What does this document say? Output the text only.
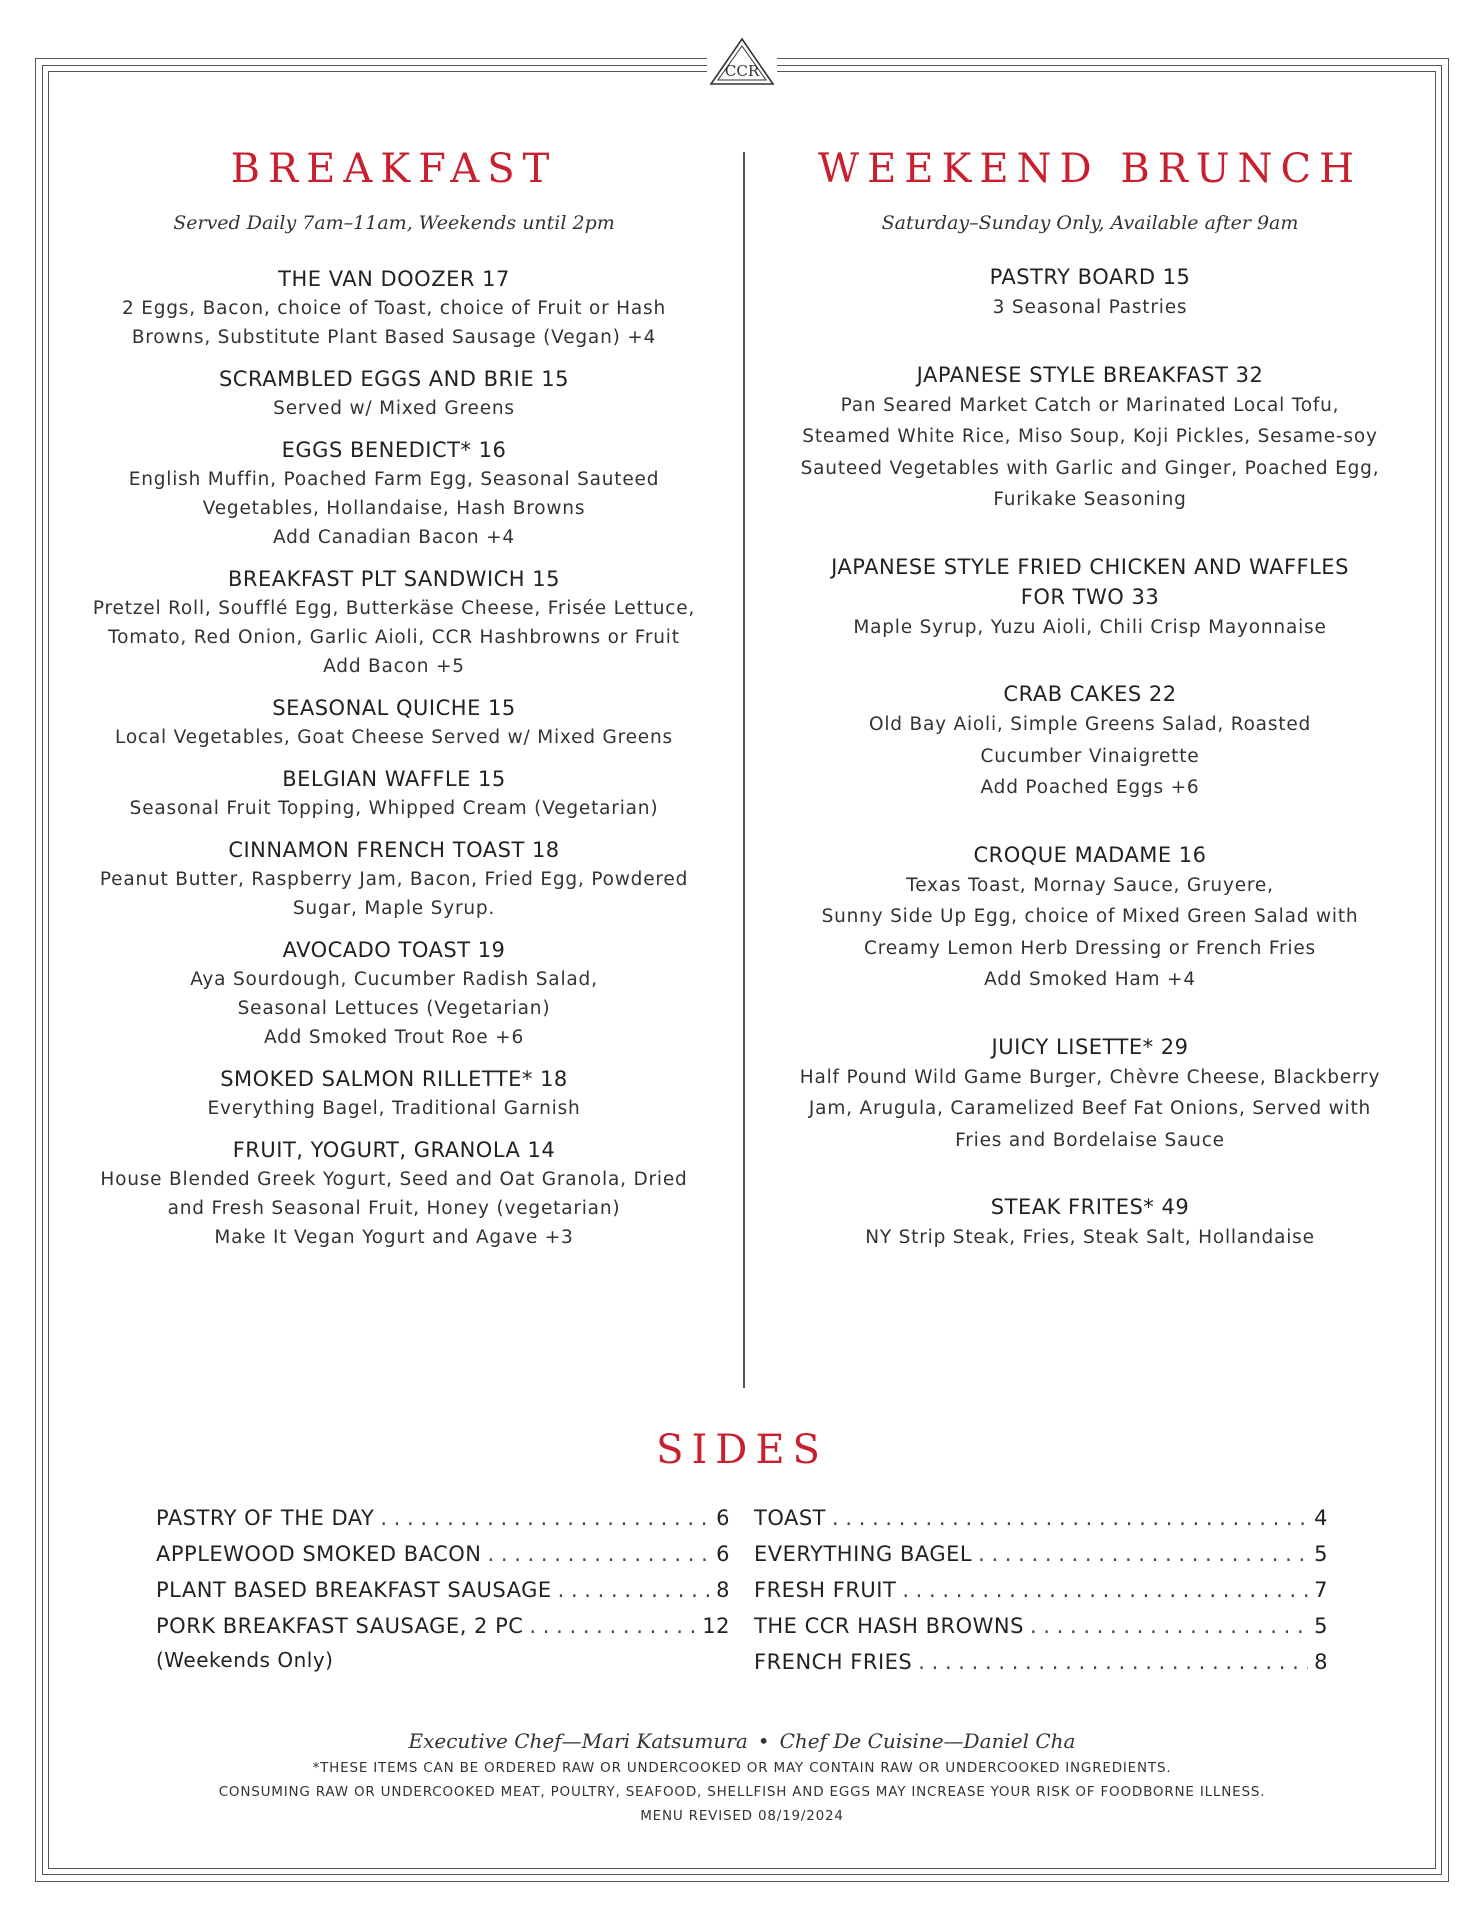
CCR
BREAKFAST

Served Daily 7am–11am, Weekends until 2pm

THE VAN DOOZER 17
2 Eggs, Bacon, choice of Toast, choice of Fruit or Hash
Browns, Substitute Plant Based Sausage (Vegan) +4
SCRAMBLED EGGS AND BRIE 15
Served w/ Mixed Greens
EGGS BENEDICT* 16
English Muffin, Poached Farm Egg, Seasonal Sauteed
Vegetables, Hollandaise, Hash Browns
Add Canadian Bacon +4
BREAKFAST PLT SANDWICH 15
Pretzel Roll, Soufflé Egg, Butterkäse Cheese, Frisée Lettuce,
Tomato, Red Onion, Garlic Aioli, CCR Hashbrowns or Fruit
Add Bacon +5
SEASONAL QUICHE 15
Local Vegetables, Goat Cheese Served w/ Mixed Greens
BELGIAN WAFFLE 15
Seasonal Fruit Topping, Whipped Cream (Vegetarian)
CINNAMON FRENCH TOAST 18
Peanut Butter, Raspberry Jam, Bacon, Fried Egg, Powdered
Sugar, Maple Syrup.
AVOCADO TOAST 19
Aya Sourdough, Cucumber Radish Salad,
Seasonal Lettuces (Vegetarian)
Add Smoked Trout Roe +6
SMOKED SALMON RILLETTE* 18
Everything Bagel, Traditional Garnish
FRUIT, YOGURT, GRANOLA 14
House Blended Greek Yogurt, Seed and Oat Granola, Dried
and Fresh Seasonal Fruit, Honey (vegetarian)
Make It Vegan Yogurt and Agave +3
WEEKEND BRUNCH

Saturday–Sunday Only, Available after 9am

PASTRY BOARD 15
3 Seasonal Pastries
JAPANESE STYLE BREAKFAST 32
Pan Seared Market Catch or Marinated Local Tofu,
Steamed White Rice, Miso Soup, Koji Pickles, Sesame-soy
Sauteed Vegetables with Garlic and Ginger, Poached Egg,
Furikake Seasoning
JAPANESE STYLE FRIED CHICKEN AND WAFFLES
FOR TWO 33
Maple Syrup, Yuzu Aioli, Chili Crisp Mayonnaise
CRAB CAKES 22
Old Bay Aioli, Simple Greens Salad, Roasted
Cucumber Vinaigrette
Add Poached Eggs +6
CROQUE MADAME 16
Texas Toast, Mornay Sauce, Gruyere,
Sunny Side Up Egg, choice of Mixed Green Salad with
Creamy Lemon Herb Dressing or French Fries
Add Smoked Ham +4
JUICY LISETTE* 29
Half Pound Wild Game Burger, Chèvre Cheese, Blackberry
Jam, Arugula, Caramelized Beef Fat Onions, Served with
Fries and Bordelaise Sauce
STEAK FRITES* 49
NY Strip Steak, Fries, Steak Salt, Hollandaise
SIDES
PASTRY OF THE DAY . . .	6
APPLEWOOD SMOKED BACON . . .	6
PLANT BASED BREAKFAST SAUSAGE . . .	8
PORK BREAKFAST SAUSAGE, 2 PC . . .	12
(Weekends Only)
TOAST . . .	4
EVERYTHING BAGEL . . .	5
FRESH FRUIT . . .	7
THE CCR HASH BROWNS . . .	5
FRENCH FRIES . . .	8
Executive Chef—Mari Katsumura • Chef De Cuisine—Daniel Cha
*THESE ITEMS CAN BE ORDERED RAW OR UNDERCOOKED OR MAY CONTAIN RAW OR UNDERCOOKED INGREDIENTS.
CONSUMING RAW OR UNDERCOOKED MEAT, POULTRY, SEAFOOD, SHELLFISH AND EGGS MAY INCREASE YOUR RISK OF FOODBORNE ILLNESS.
MENU REVISED 08/19/2024
